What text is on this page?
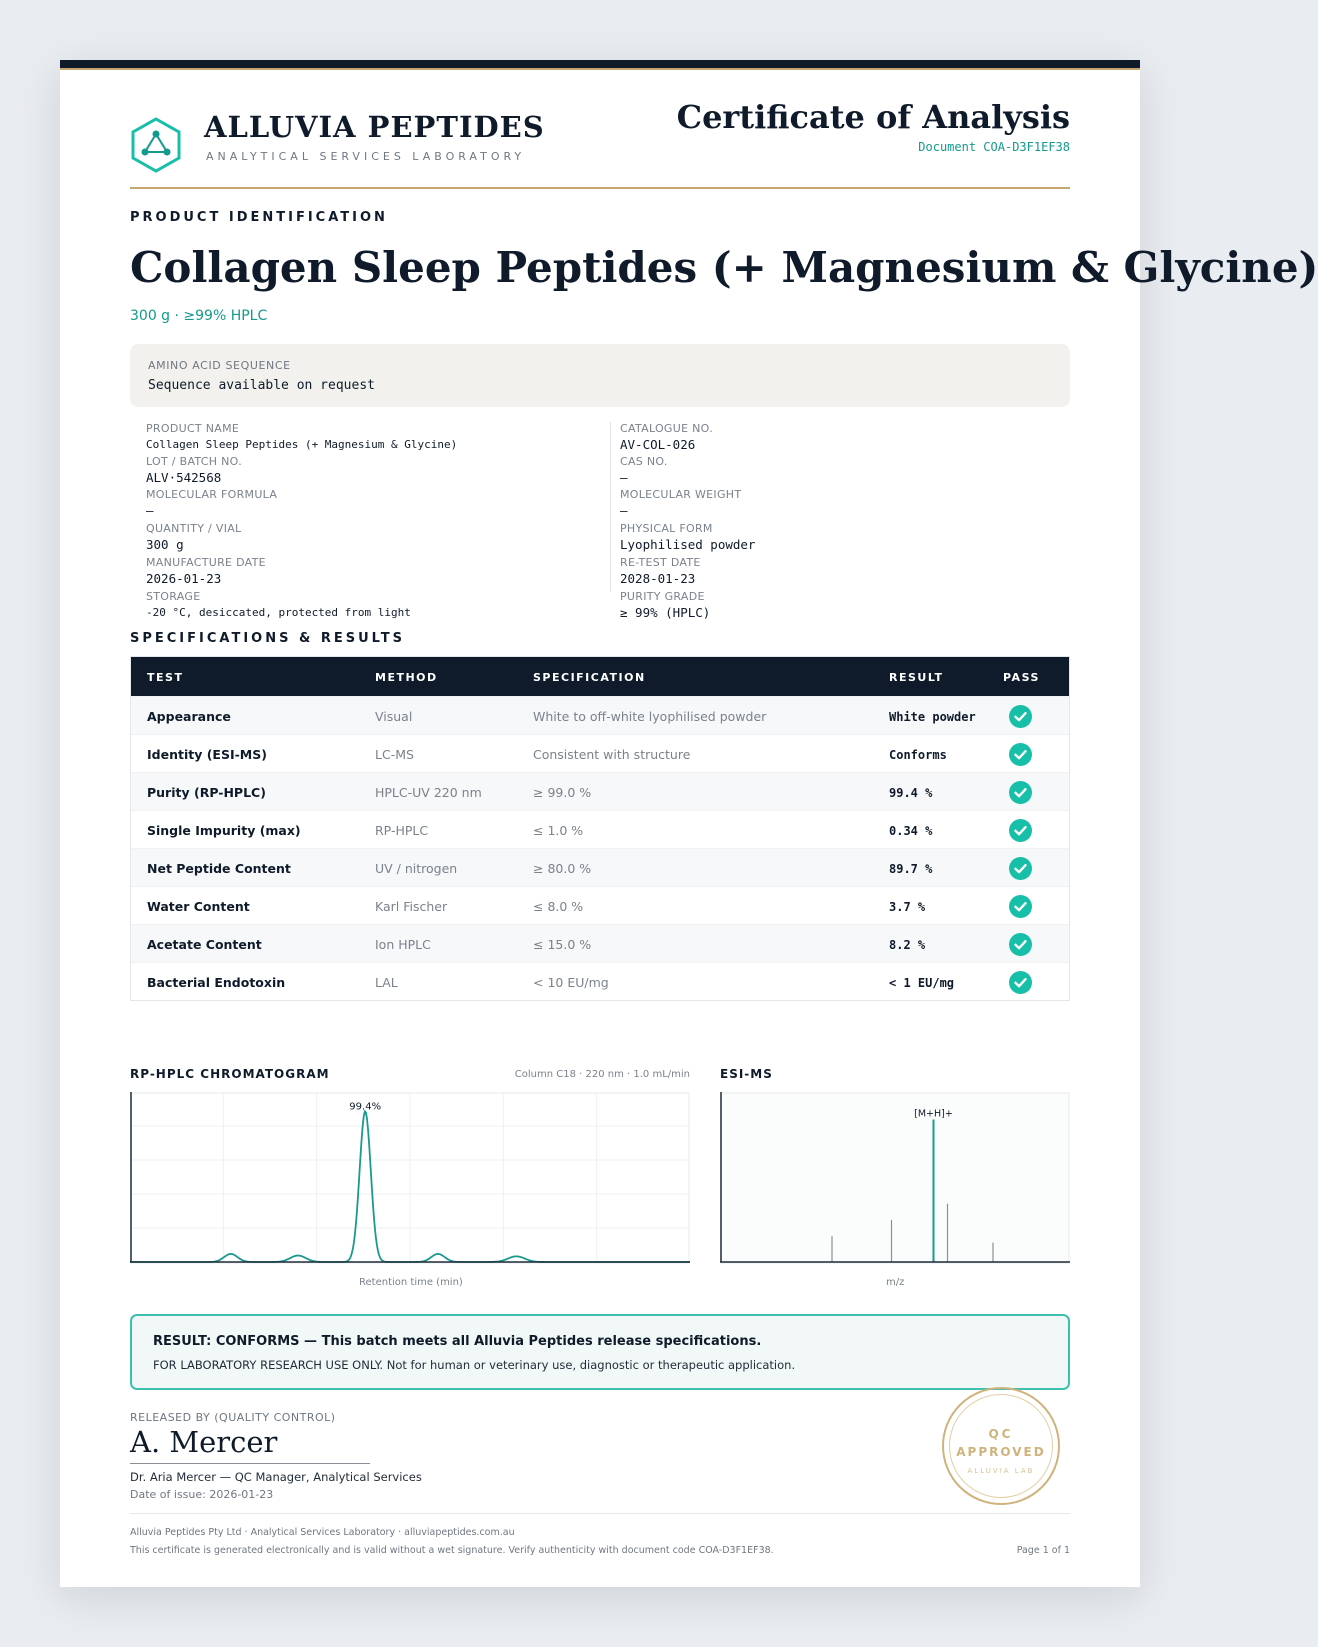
ALLUVIA PEPTIDES
ANALYTICAL SERVICES LABORATORY
Certificate of Analysis
Document COA-D3F1EF38
PRODUCT IDENTIFICATION
Collagen Sleep Peptides (+ Magnesium & Glycine)
300 g · ≥99% HPLC
AMINO ACID SEQUENCE
Sequence available on request
PRODUCT NAME
Collagen Sleep Peptides (+ Magnesium & Glycine)
LOT / BATCH NO.
ALV·542568
MOLECULAR FORMULA
—
QUANTITY / VIAL
300 g
MANUFACTURE DATE
2026-01-23
STORAGE
-20 °C, desiccated, protected from light
CATALOGUE NO.
AV-COL-026
CAS NO.
—
MOLECULAR WEIGHT
—
PHYSICAL FORM
Lyophilised powder
RE-TEST DATE
2028-01-23
PURITY GRADE
≥ 99% (HPLC)
SPECIFICATIONS & RESULTS
TEST	METHOD	SPECIFICATION	RESULT	PASS
Appearance	Visual	White to off-white lyophilised powder	White powder
Identity (ESI-MS)	LC-MS	Consistent with structure	Conforms
Purity (RP-HPLC)	HPLC-UV 220 nm	≥ 99.0 %	99.4 %
Single Impurity (max)	RP-HPLC	≤ 1.0 %	0.34 %
Net Peptide Content	UV / nitrogen	≥ 80.0 %	89.7 %
Water Content	Karl Fischer	≤ 8.0 %	3.7 %
Acetate Content	Ion HPLC	≤ 15.0 %	8.2 %
Bacterial Endotoxin	LAL	< 10 EU/mg	< 1 EU/mg
RP-HPLC CHROMATOGRAM	Column C18 · 220 nm · 1.0 mL/min
99.4%
Retention time (min)
ESI-MS
[M+H]+
m/z
RESULT: CONFORMS — This batch meets all Alluvia Peptides release specifications.
FOR LABORATORY RESEARCH USE ONLY. Not for human or veterinary use, diagnostic or therapeutic application.
RELEASED BY (QUALITY CONTROL)
A. Mercer
Dr. Aria Mercer — QC Manager, Analytical Services
Date of issue: 2026-01-23
QC
APPROVED
ALLUVIA LAB
Alluvia Peptides Pty Ltd · Analytical Services Laboratory · alluviapeptides.com.au
This certificate is generated electronically and is valid without a wet signature. Verify authenticity with document code COA-D3F1EF38.	Page 1 of 1
